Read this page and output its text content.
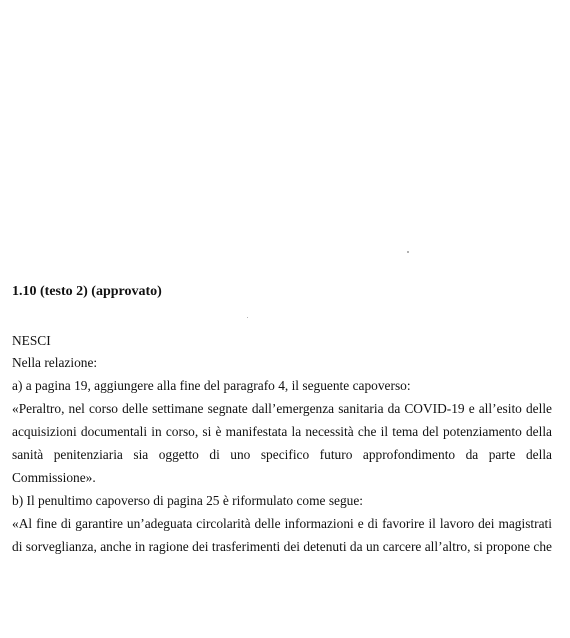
1.10 (testo 2) (approvato)
NESCI
Nella relazione:
a) a pagina 19, aggiungere alla fine del paragrafo 4, il seguente capoverso:
«Peraltro, nel corso delle settimane segnate dall’emergenza sanitaria da COVID-19 e all’esito delle
acquisizioni documentali in corso, si è manifestata la necessità che il tema del potenziamento della
sanità penitenziaria sia oggetto di uno specifico futuro approfondimento da parte della
Commissione».
b) Il penultimo capoverso di pagina 25 è riformulato come segue:
«Al fine di garantire un’adeguata circolarità delle informazioni e di favorire il lavoro dei magistrati
di sorveglianza, anche in ragione dei trasferimenti dei detenuti da un carcere all’altro, si propone che
